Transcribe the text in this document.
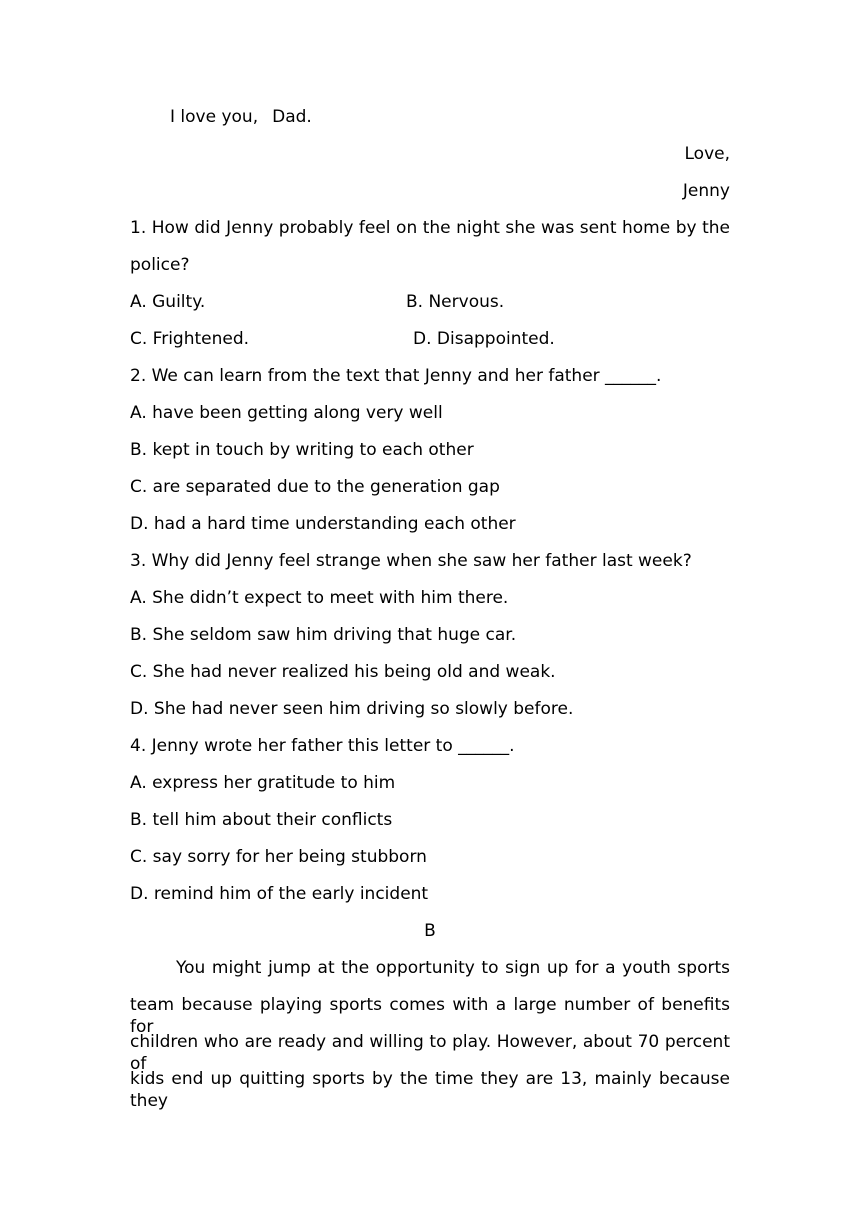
I love you, Dad.
Love,
Jenny
1. How did Jenny probably feel on the night she was sent home by the
police?
A. Guilty.	B. Nervous.
C. Frightened.	D. Disappointed.
2. We can learn from the text that Jenny and her father ______.
A. have been getting along very well
B. kept in touch by writing to each other
C. are separated due to the generation gap
D. had a hard time understanding each other
3. Why did Jenny feel strange when she saw her father last week?
A. She didn’t expect to meet with him there.
B. She seldom saw him driving that huge car.
C. She had never realized his being old and weak.
D. She had never seen him driving so slowly before.
4. Jenny wrote her father this letter to ______.
A. express her gratitude to him
B. tell him about their conflicts
C. say sorry for her being stubborn
D. remind him of the early incident
B
You might jump at the opportunity to sign up for a youth sports
team because playing sports comes with a large number of benefits for
children who are ready and willing to play. However, about 70 percent of
kids end up quitting sports by the time they are 13, mainly because they
